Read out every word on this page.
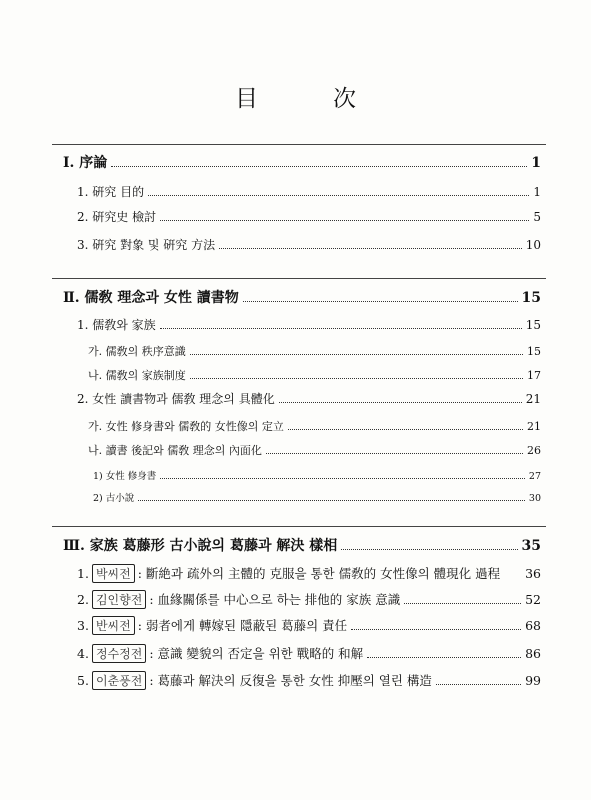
目　次
Ⅰ. 序論	1
1. 硏究 目的	1
2. 硏究史 檢討	5
3. 硏究 對象 및 硏究 方法	10
Ⅱ. 儒敎 理念과 女性 讀書物	15
1. 儒敎와 家族	15
가. 儒敎의 秩序意識	15
나. 儒敎의 家族制度	17
2. 女性 讀書物과 儒敎 理念의 具體化	21
가. 女性 修身書와 儒敎的 女性像의 定立	21
나. 讀書 後記와 儒敎 理念의 內面化	26
1) 女性 修身書	27
2) 古小說	30
Ⅲ. 家族 葛藤形 古小說의 葛藤과 解決 樣相	35
1. 박씨전 : 斷絶과 疏外의 主體的 克服을 통한 儒敎的 女性像의 體現化 過程 36
2. 김인향전 : 血緣關係를 中心으로 하는 排他的 家族 意識	52
3. 반씨전 : 弱者에게 轉嫁된 隱蔽된 葛藤의 責任	68
4. 정수정전 : 意識 變貌의 否定을 위한 戰略的 和解	86
5. 이춘풍전 : 葛藤과 解決의 反復을 통한 女性 抑壓의 열린 構造	99
